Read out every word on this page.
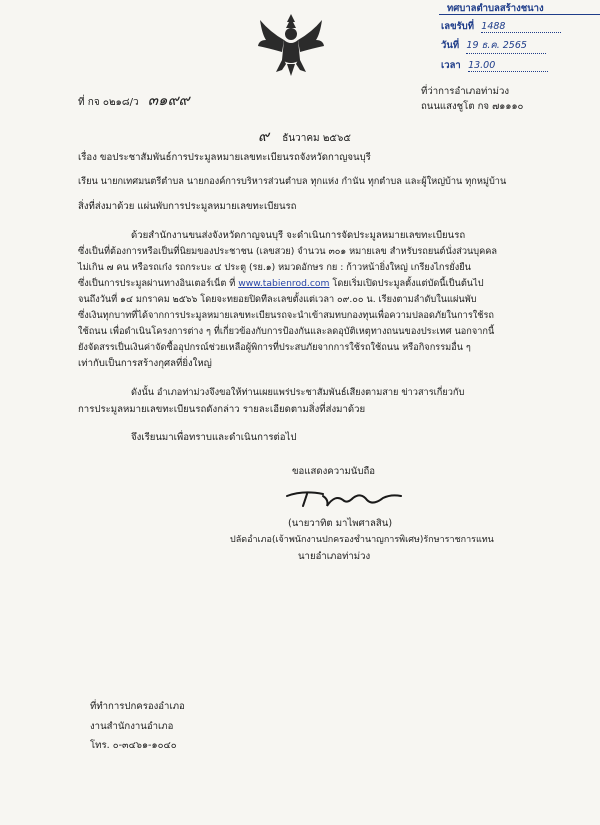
ทศบาลตำบลสร้างชนาง
เลขรับที่ 1488
วันที่ 19 ธ.ค. 2565
เวลา 13.00
ที่ กจ ๐๒๑๘/ว ๓๑๙๙	ที่ว่าการอำเภอท่าม่วง
ถนนแสงชูโต กจ ๗๑๑๑๐
๙ ธันวาคม ๒๕๖๕
เรื่อง ขอประชาสัมพันธ์การประมูลหมายเลขทะเบียนรถจังหวัดกาญจนบุรี
เรียน นายกเทศมนตรีตำบล นายกองค์การบริหารส่วนตำบล ทุกแห่ง กำนัน ทุกตำบล และผู้ใหญ่บ้าน ทุกหมู่บ้าน
สิ่งที่ส่งมาด้วย แผ่นพับการประมูลหมายเลขทะเบียนรถ
ด้วยสำนักงานขนส่งจังหวัดกาญจนบุรี จะดำเนินการจัดประมูลหมายเลขทะเบียนรถ
ซึ่งเป็นที่ต้องการหรือเป็นที่นิยมของประชาชน (เลขสวย) จำนวน ๓๐๑ หมายเลข สำหรับรถยนต์นั่งส่วนบุคคล
ไม่เกิน ๗ คน หรือรถเก๋ง รถกระบะ ๔ ประตู (รย.๑) หมวดอักษร กย : ก้าวหน้ายิ่งใหญ่ เกรียงไกรยั่งยืน
ซึ่งเป็นการประมูลผ่านทางอินเตอร์เน็ต ที่ www.tabienrod.com โดยเริ่มเปิดประมูลตั้งแต่บัดนี้เป็นต้นไป
จนถึงวันที่ ๑๔ มกราคม ๒๕๖๖ โดยจะทยอยปิดทีละเลขตั้งแต่เวลา ๐๙.๐๐ น. เรียงตามลำดับในแผ่นพับ
ซึ่งเงินทุกบาทที่ได้จากการประมูลหมายเลขทะเบียนรถจะนำเข้าสมทบกองทุนเพื่อความปลอดภัยในการใช้รถ
ใช้ถนน เพื่อดำเนินโครงการต่าง ๆ ที่เกี่ยวข้องกับการป้องกันและลดอุบัติเหตุทางถนนของประเทศ นอกจากนี้
ยังจัดสรรเป็นเงินค่าจัดซื้ออุปกรณ์ช่วยเหลือผู้พิการที่ประสบภัยจากการใช้รถใช้ถนน หรือกิจกรรมอื่น ๆ
เท่ากับเป็นการสร้างกุศลที่ยิ่งใหญ่
ดังนั้น อำเภอท่าม่วงจึงขอให้ท่านเผยแพร่ประชาสัมพันธ์เสียงตามสาย ข่าวสารเกี่ยวกับ
การประมูลหมายเลขทะเบียนรถดังกล่าว รายละเอียดตามสิ่งที่ส่งมาด้วย
จึงเรียนมาเพื่อทราบและดำเนินการต่อไป
ขอแสดงความนับถือ
(นายวาทิต มาไพศาลสิน)
ปลัดอำเภอ(เจ้าพนักงานปกครองชำนาญการพิเศษ)รักษาราชการแทน
นายอำเภอท่าม่วง
ที่ทำการปกครองอำเภอ
งานสำนักงานอำเภอ
โทร. ๐-๓๔๖๑-๑๐๔๐
